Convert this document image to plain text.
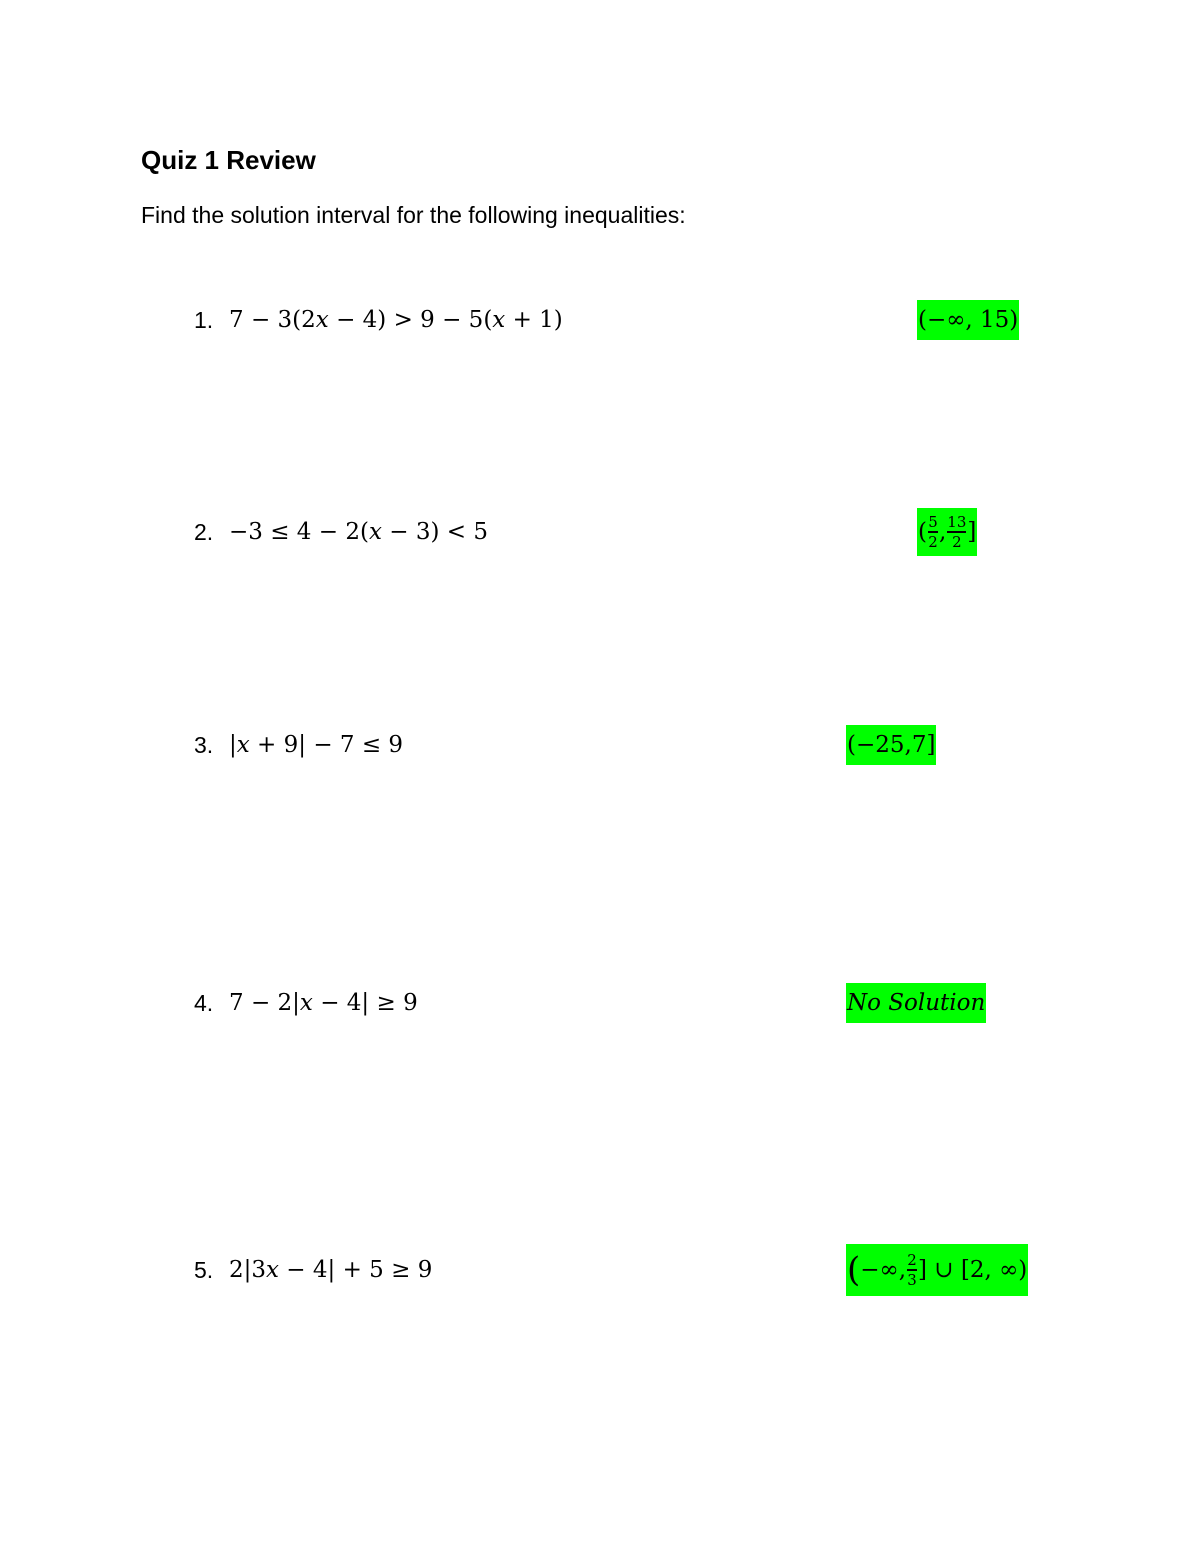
Quiz 1 Review
Find the solution interval for the following inequalities:
1. 7 − 3(2x − 4) > 9 − 5(x + 1)	(−∞, 15)
2. −3 ≤ 4 − 2(x − 3) < 5	( $\frac{5}{2}$ , $\frac{13}{2}$ ]
3. |x + 9| − 7 ≤ 9	(−25,7]
4. 7 − 2|x − 4| ≥ 9	No Solution
5. 2|3x − 4| + 5 ≥ 9	( −∞, $\frac{2}{3}$ ] ∪ [2, ∞)
